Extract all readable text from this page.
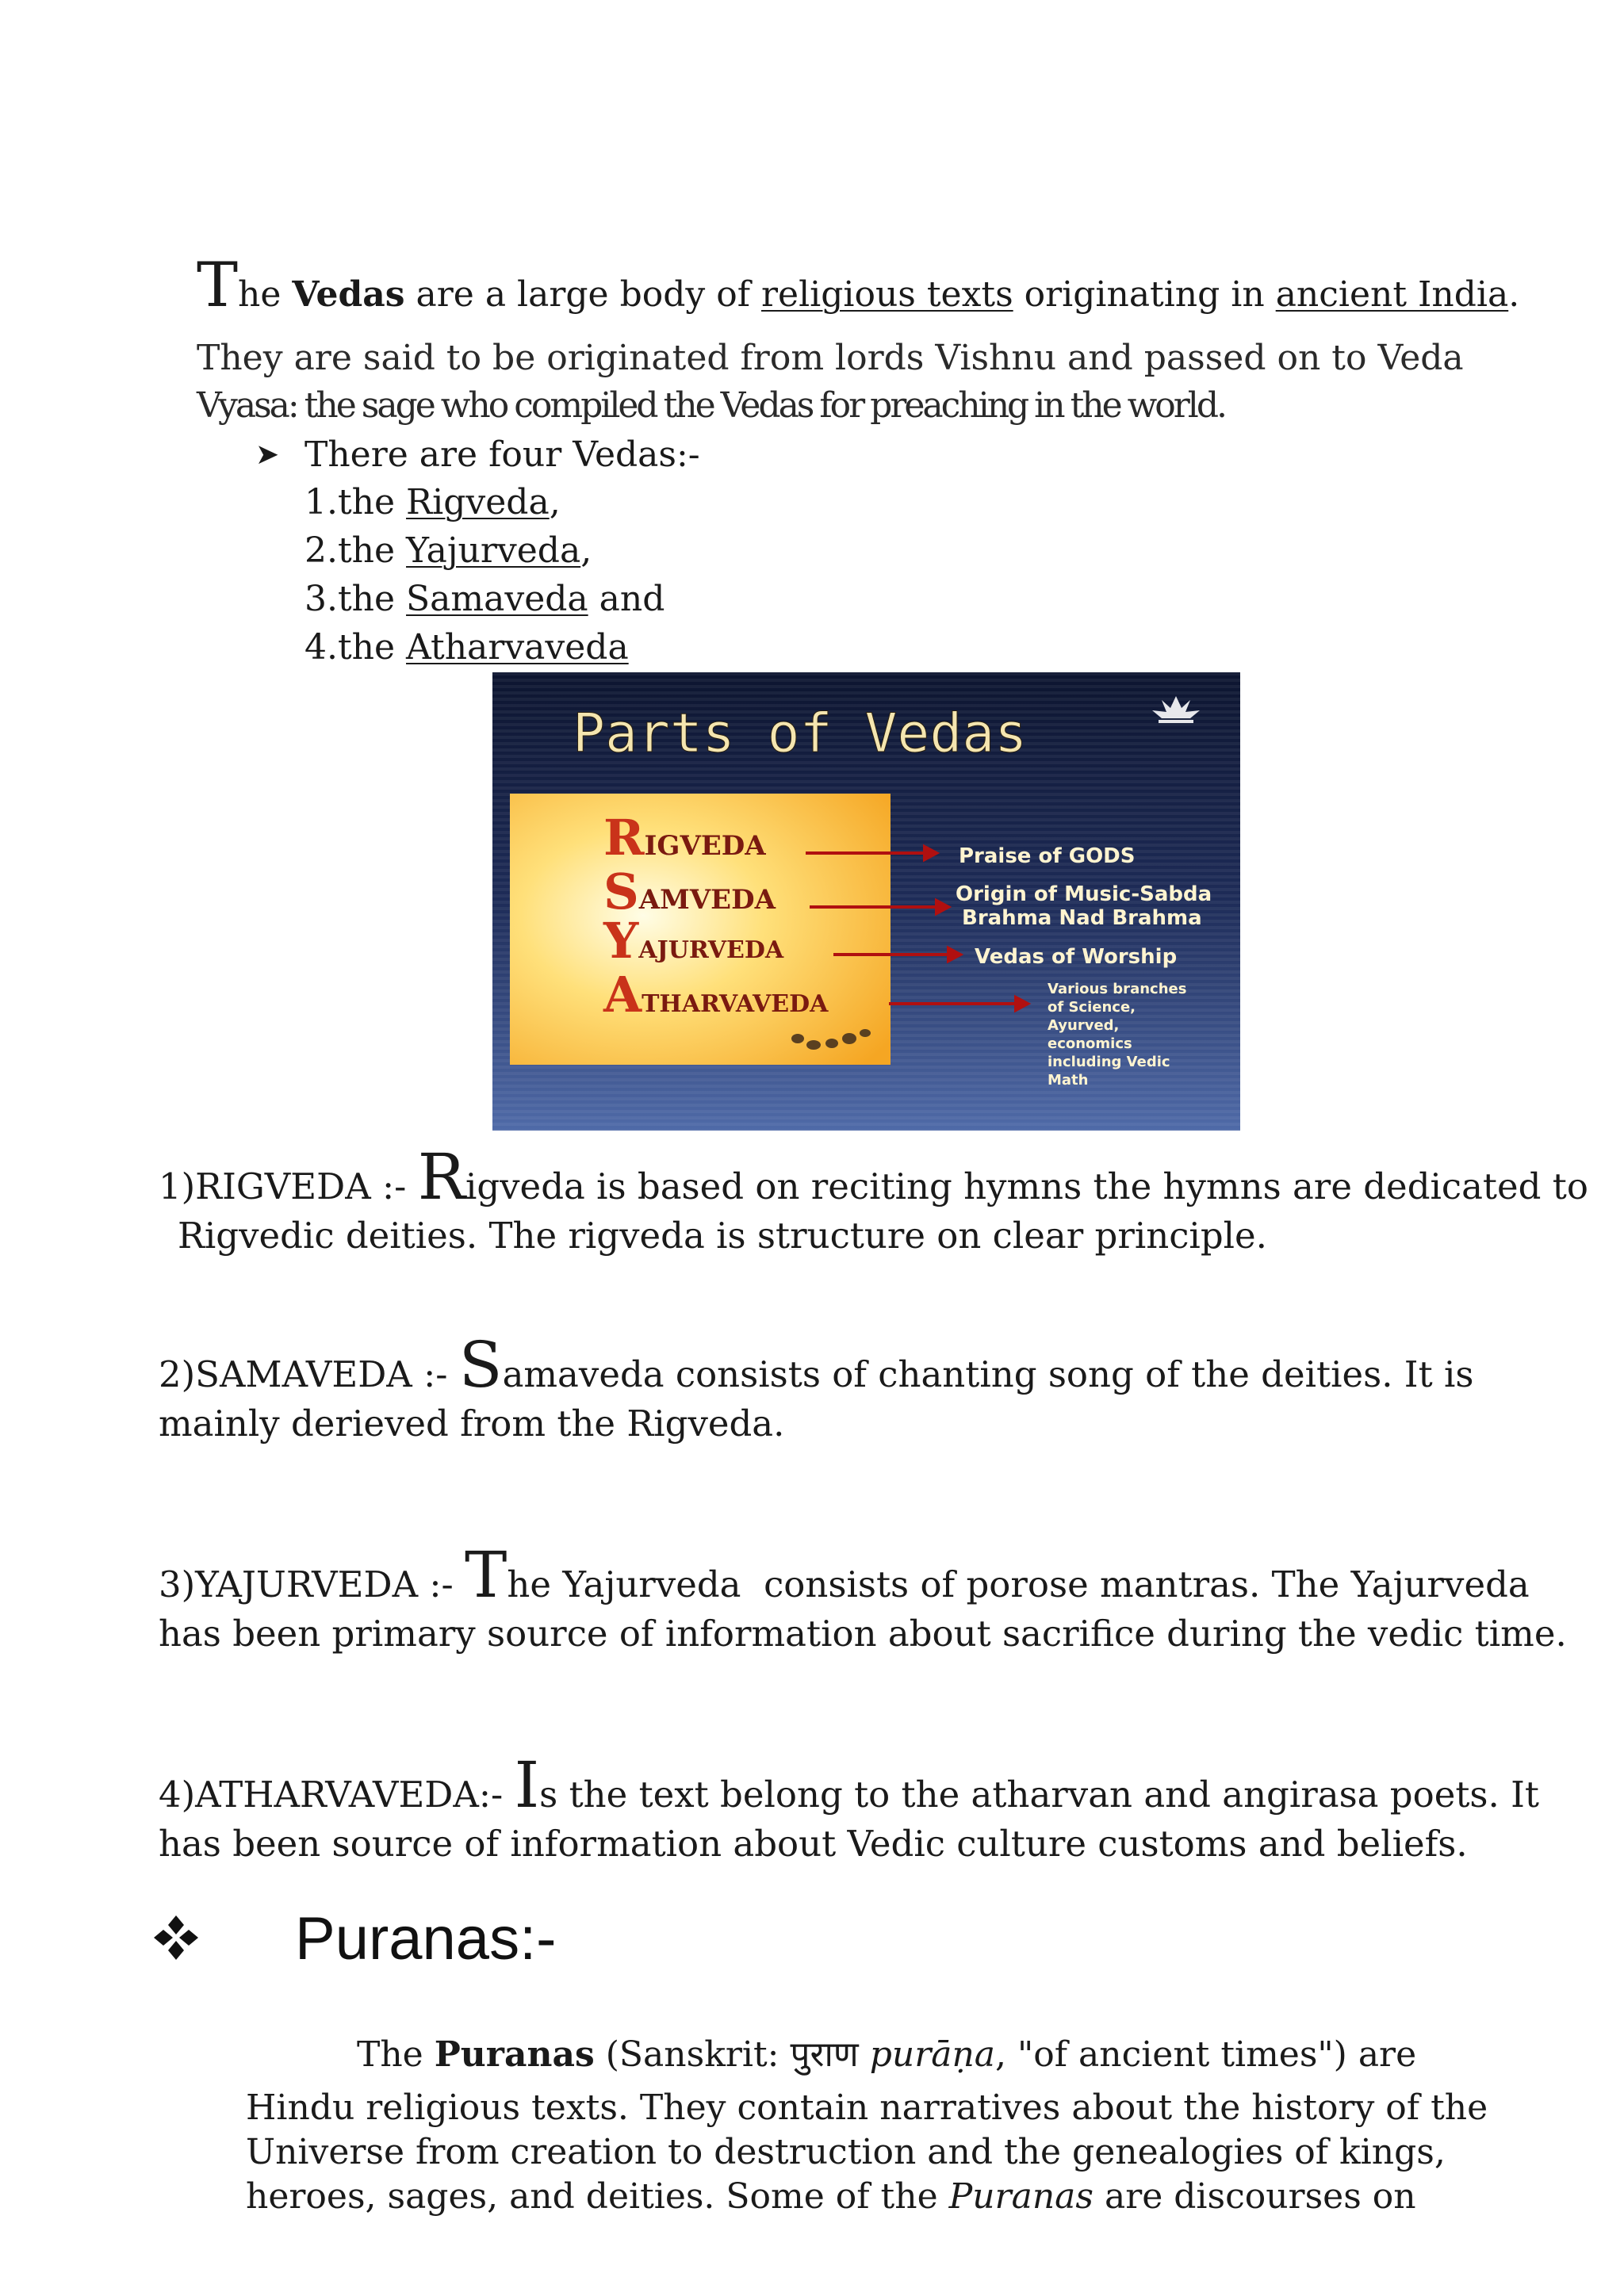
The Vedas are a large body of religious texts originating in ancient India.
They are said to be originated from lords Vishnu and passed on to Veda
Vyasa: the sage who compiled the Vedas for preaching in the world.
➤ There are four Vedas:-
1.the Rigveda,
2.the Yajurveda,
3.the Samaveda and
4.the Atharvaveda
Parts of Vedas
RIGVEDA
SAMVEDA
YAJURVEDA
ATHARVAVEDA
Praise of GODS
Origin of Music-Sabda
Brahma Nad Brahma
Vedas of Worship
Various branches
of Science,
Ayurved,
economics
including Vedic
Math
1)RIGVEDA :- Rigveda is based on reciting hymns the hymns are dedicated to
Rigvedic deities. The rigveda is structure on clear principle.
2)SAMAVEDA :- Samaveda consists of chanting song of the deities. It is
mainly derieved from the Rigveda.
3)YAJURVEDA :- The Yajurveda  consists of porose mantras. The Yajurveda
has been primary source of information about sacrifice during the vedic time.
4)ATHARVAVEDA:- Is the text belong to the atharvan and angirasa poets. It
has been source of information about Vedic culture customs and beliefs.
Puranas:-
The Puranas (Sanskrit: पुराण purāṇa, "of ancient times") are
Hindu religious texts. They contain narratives about the history of the
Universe from creation to destruction and the genealogies of kings,
heroes, sages, and deities. Some of the Puranas are discourses on
